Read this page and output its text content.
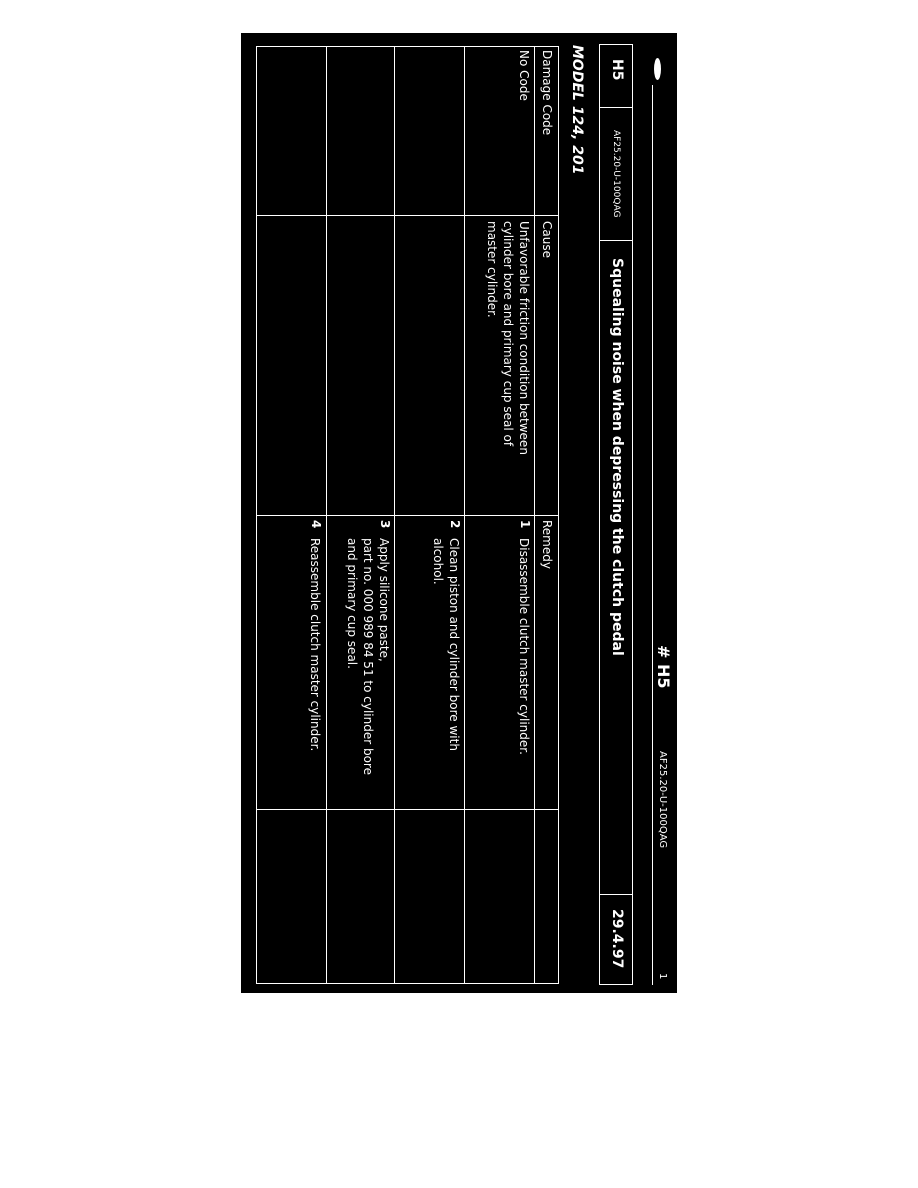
# H5
AF25.20-U-100QAG
1
H5
AF25.20-U-100QAG
Squealing noise when depressing the clutch pedal
29.4.97
MODEL 124, 201
Damage Code
Cause
Remedy
No Code
Unfavorable friction condition between
cylinder bore and primary cup seal of
master cylinder.
1
Disassemble clutch master cylinder.
2
Clean piston and cylinder bore with
alcohol.
3
Apply silicone paste,
part no. 000 989 84 51 to cylinder bore
and primary cup seal.
4
Reassemble clutch master cylinder.
